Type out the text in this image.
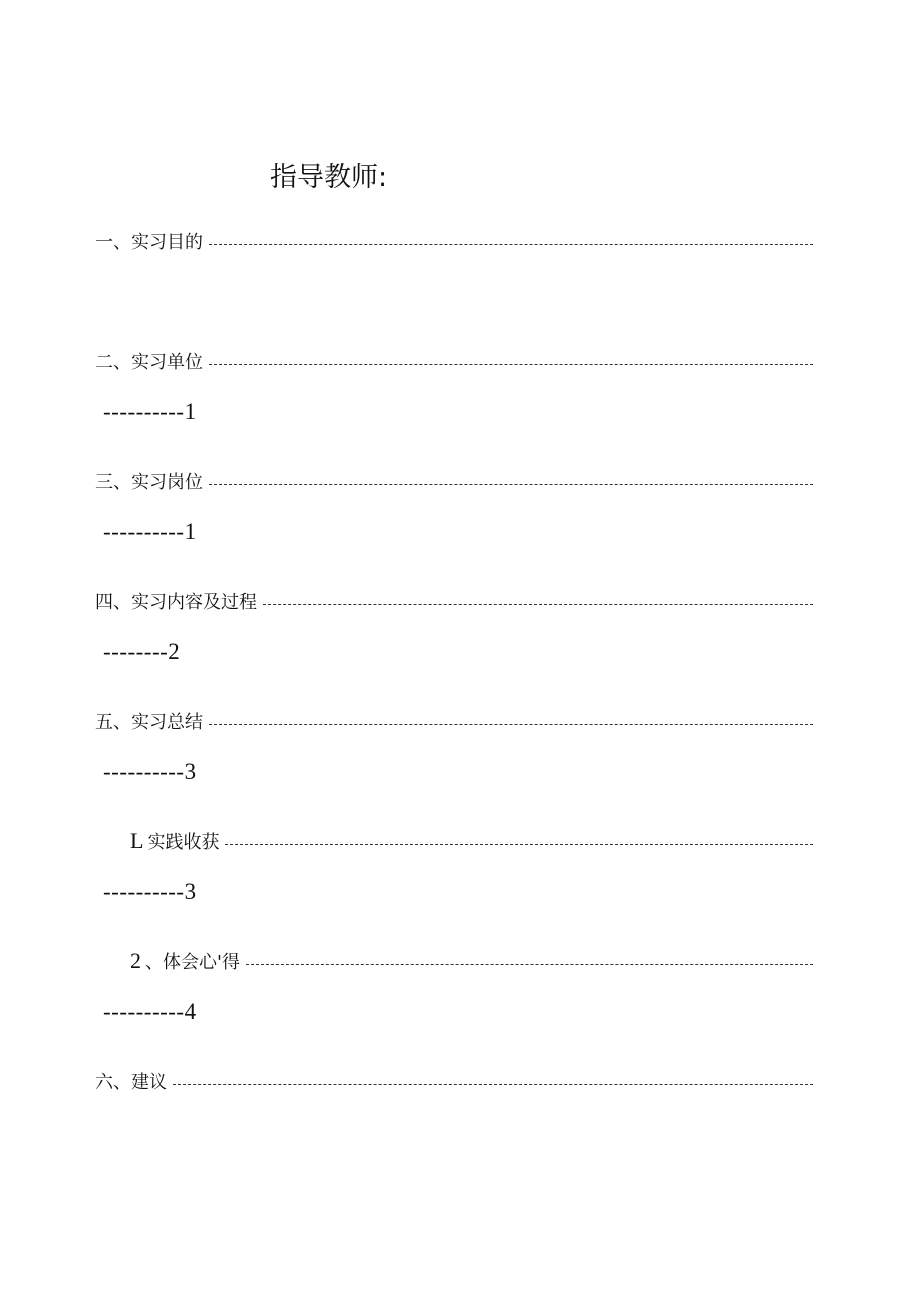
指导教师:
一、实习目的
二、实习单位
----------1
三、实习岗位
----------1
四、实习内容及过程
--------2
五、实习总结
----------3
L 实践收获
----------3
2 、体会心'得
----------4
六、建议
